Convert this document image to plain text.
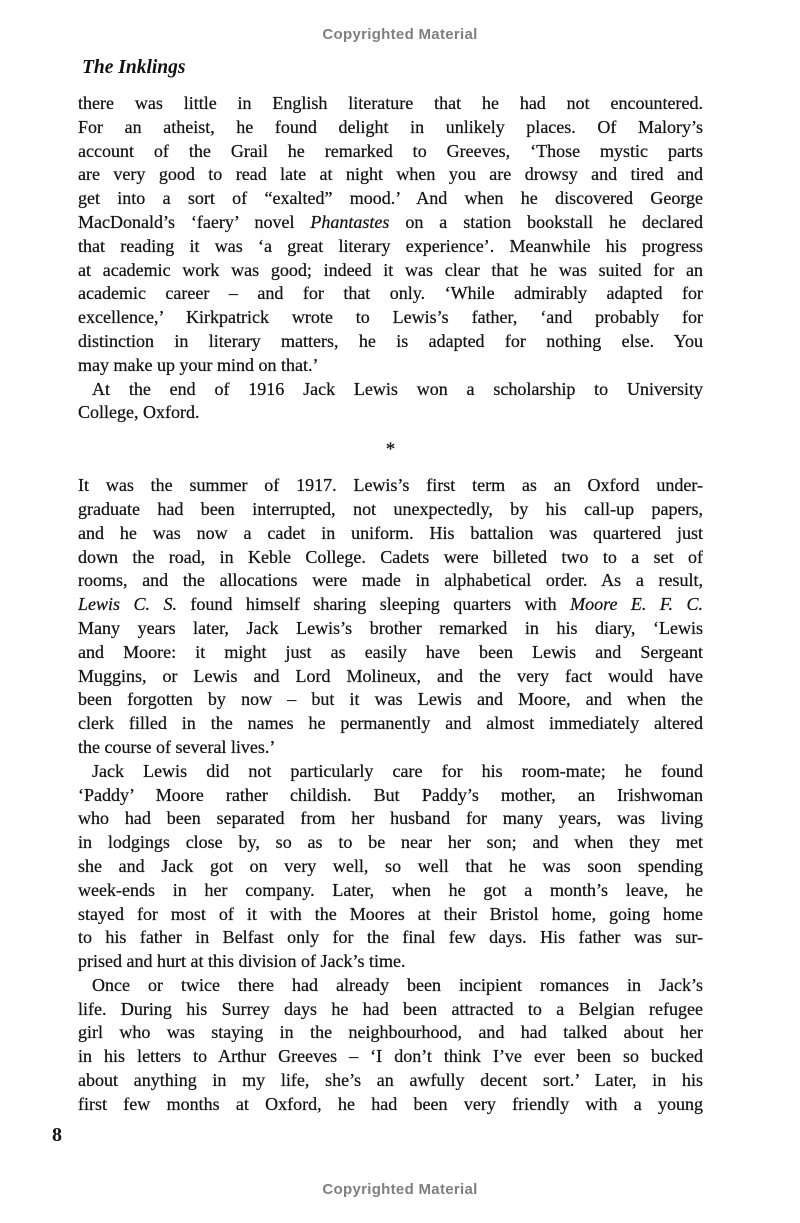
Copyrighted Material
The Inklings
there was little in English literature that he had not encountered.
For an atheist, he found delight in unlikely places. Of Malory’s
account of the Grail he remarked to Greeves, ‘Those mystic parts
are very good to read late at night when you are drowsy and tired and
get into a sort of “exalted” mood.’ And when he discovered George
MacDonald’s ‘faery’ novel Phantastes on a station bookstall he declared
that reading it was ‘a great literary experience’. Meanwhile his progress
at academic work was good; indeed it was clear that he was suited for an
academic career – and for that only. ‘While admirably adapted for
excellence,’ Kirkpatrick wrote to Lewis’s father, ‘and probably for
distinction in literary matters, he is adapted for nothing else. You
may make up your mind on that.’
At the end of 1916 Jack Lewis won a scholarship to University
College, Oxford.
*
It was the summer of 1917. Lewis’s first term as an Oxford under-
graduate had been interrupted, not unexpectedly, by his call-up papers,
and he was now a cadet in uniform. His battalion was quartered just
down the road, in Keble College. Cadets were billeted two to a set of
rooms, and the allocations were made in alphabetical order. As a result,
Lewis C. S. found himself sharing sleeping quarters with Moore E. F. C.
Many years later, Jack Lewis’s brother remarked in his diary, ‘Lewis
and Moore: it might just as easily have been Lewis and Sergeant
Muggins, or Lewis and Lord Molineux, and the very fact would have
been forgotten by now – but it was Lewis and Moore, and when the
clerk filled in the names he permanently and almost immediately altered
the course of several lives.’
Jack Lewis did not particularly care for his room-mate; he found
‘Paddy’ Moore rather childish. But Paddy’s mother, an Irishwoman
who had been separated from her husband for many years, was living
in lodgings close by, so as to be near her son; and when they met
she and Jack got on very well, so well that he was soon spending
week-ends in her company. Later, when he got a month’s leave, he
stayed for most of it with the Moores at their Bristol home, going home
to his father in Belfast only for the final few days. His father was sur-
prised and hurt at this division of Jack’s time.
Once or twice there had already been incipient romances in Jack’s
life. During his Surrey days he had been attracted to a Belgian refugee
girl who was staying in the neighbourhood, and had talked about her
in his letters to Arthur Greeves – ‘I don’t think I’ve ever been so bucked
about anything in my life, she’s an awfully decent sort.’ Later, in his
first few months at Oxford, he had been very friendly with a young
8
Copyrighted Material
